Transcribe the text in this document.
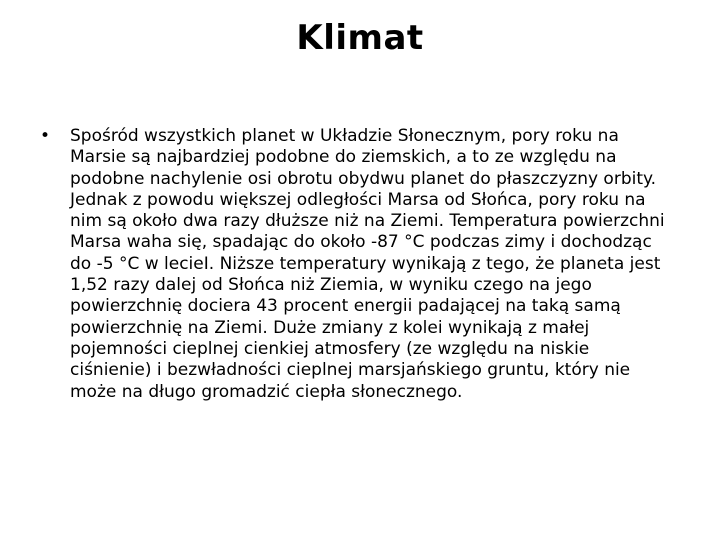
Klimat
• Spośród wszystkich planet w Układzie Słonecznym, pory roku na Marsie są najbardziej podobne do ziemskich, a to ze względu na podobne nachylenie osi obrotu obydwu planet do płaszczyzny orbity. Jednak z powodu większej odległości Marsa od Słońca, pory roku na nim są około dwa razy dłuższe niż na Ziemi. Temperatura powierzchni Marsa waha się, spadając do około -87 °C podczas zimy i dochodząc do -5 °C w lecieI. Niższe temperatury wynikają z tego, że planeta jest 1,52 razy dalej od Słońca niż Ziemia, w wyniku czego na jego powierzchnię dociera 43 procent energii padającej na taką samą powierzchnię na Ziemi. Duże zmiany z kolei wynikają z małej pojemności cieplnej cienkiej atmosfery (ze względu na niskie ciśnienie) i bezwładności cieplnej marsjańskiego gruntu, który nie może na długo gromadzić ciepła słonecznego.
